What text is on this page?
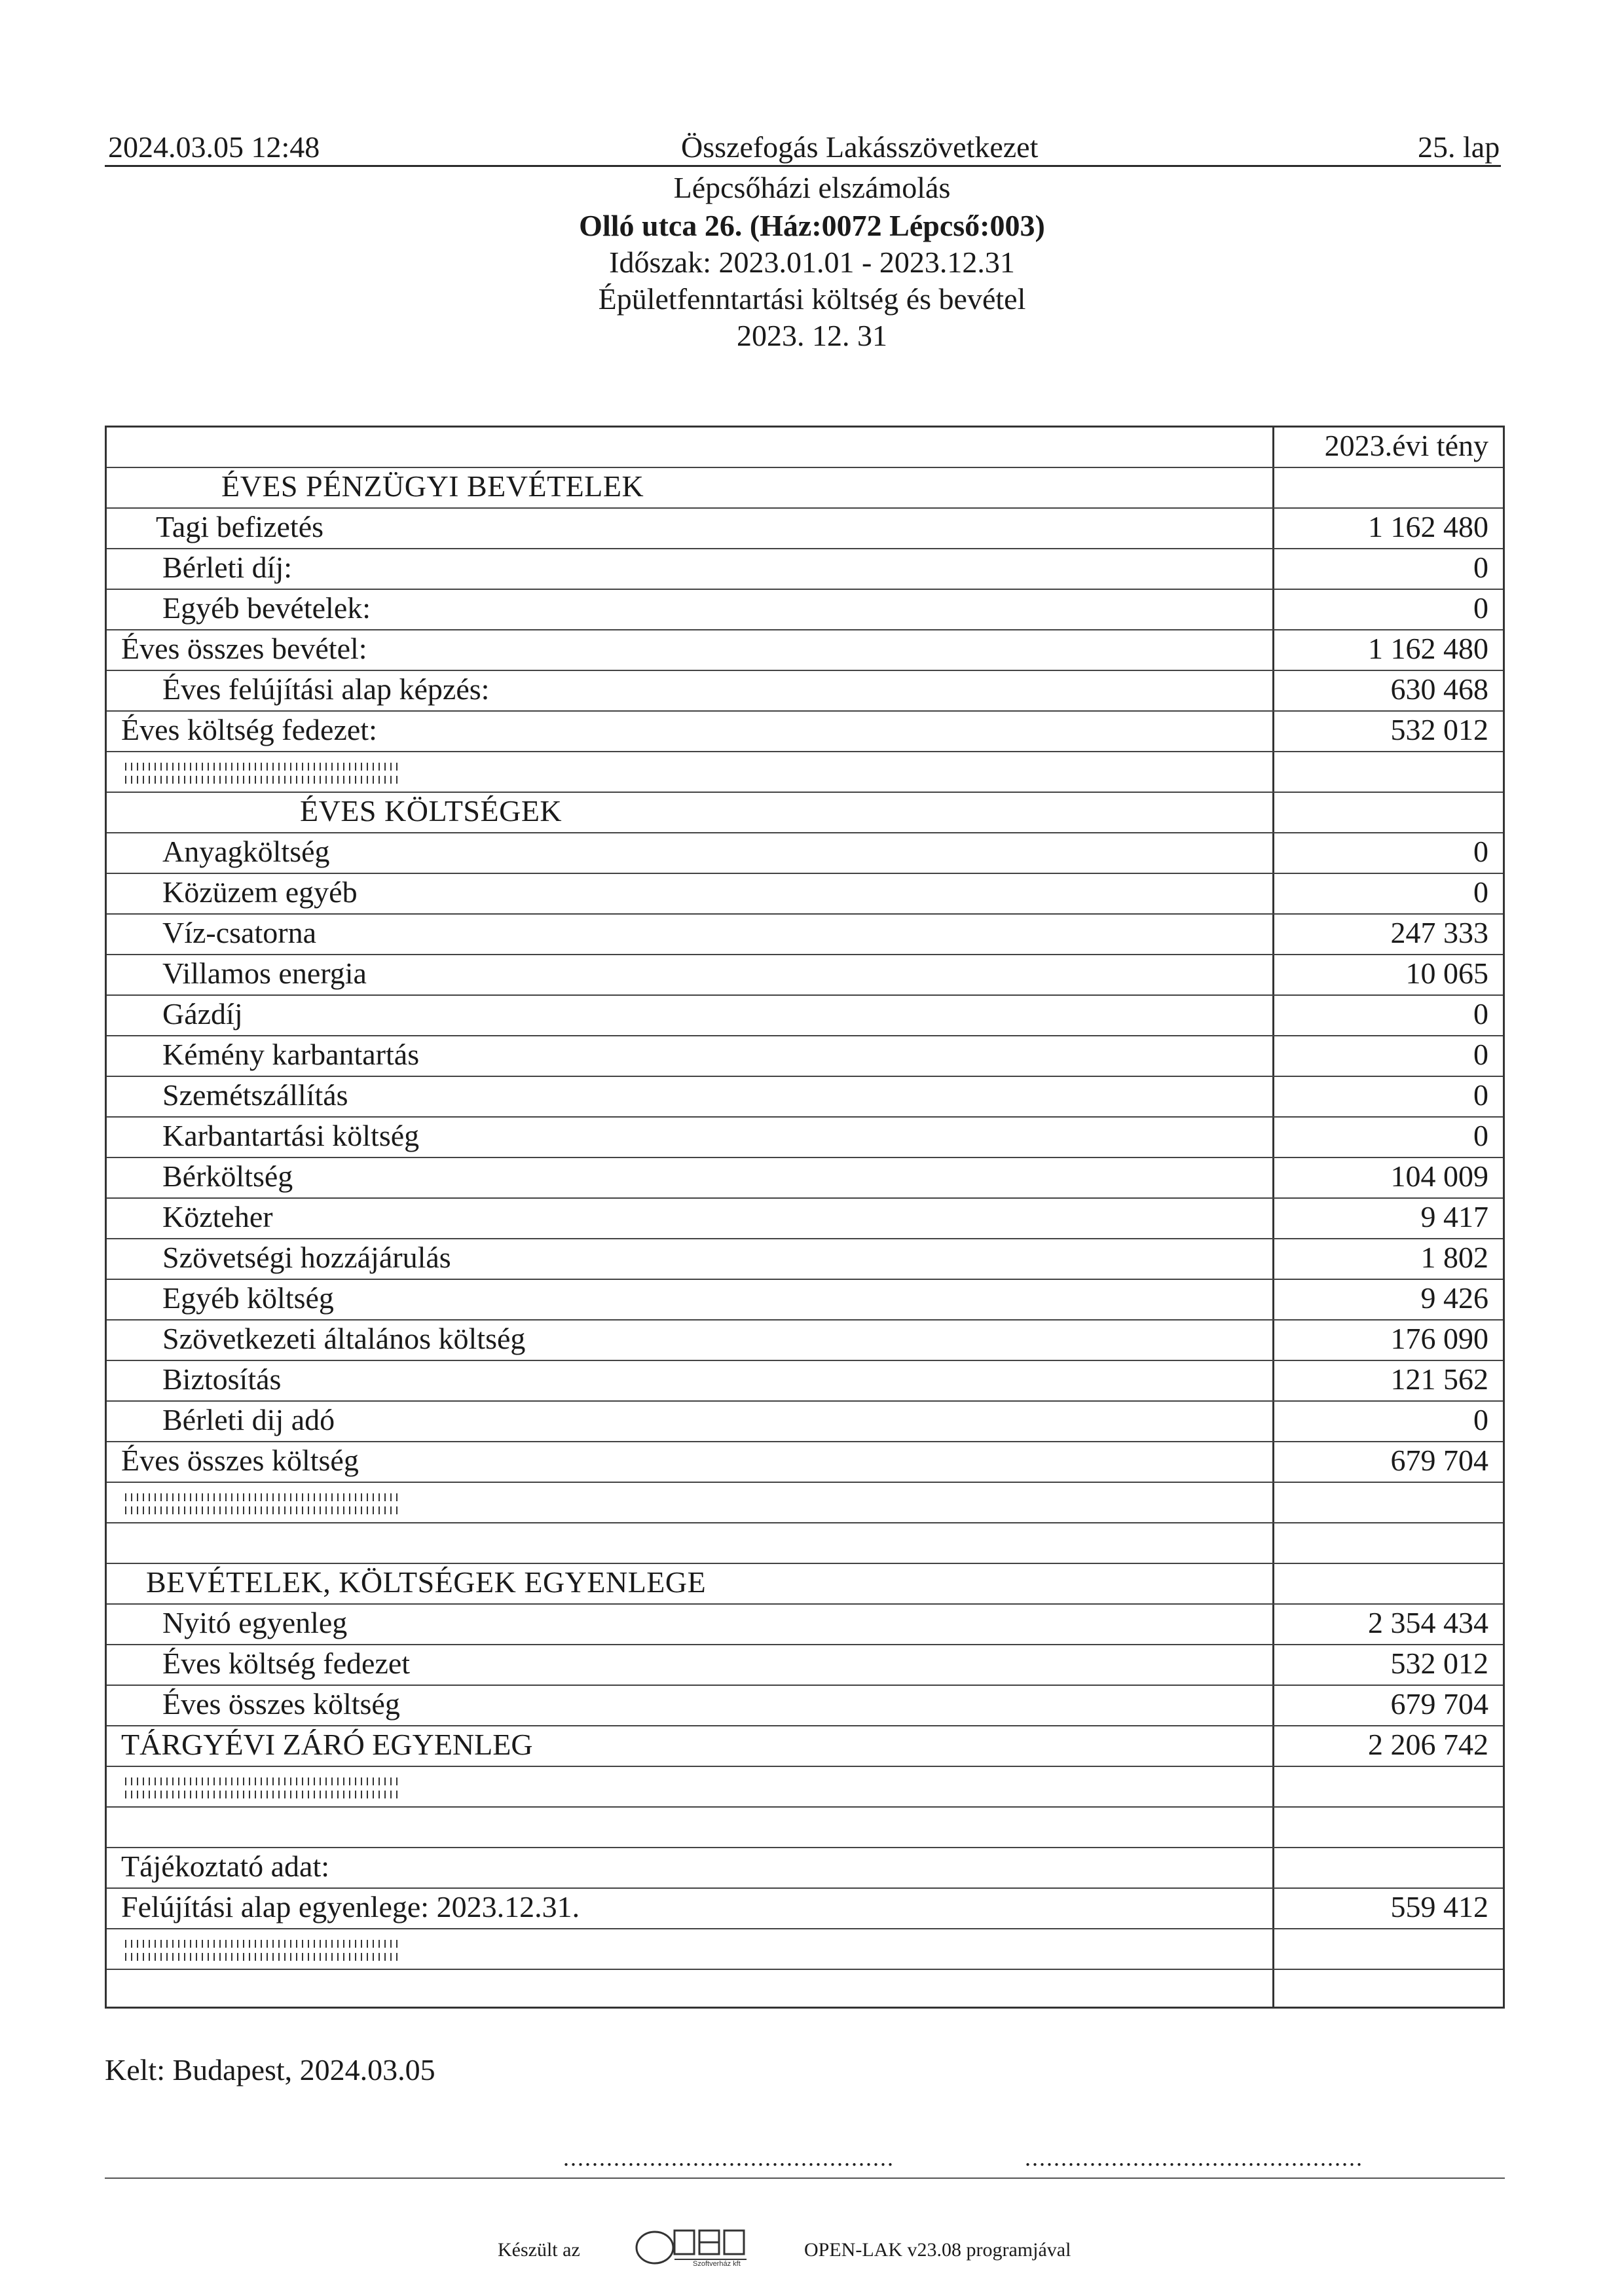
2024.03.05 12:48	Összefogás Lakásszövetkezet	25. lap
Lépcsőházi elszámolás
Olló utca 26. (Ház:0072 Lépcső:003)
Időszak: 2023.01.01 - 2023.12.31
Épületfenntartási költség és bevétel
2023. 12. 31
2023.évi tény
ÉVES PÉNZÜGYI BEVÉTELEK
Tagi befizetés	1 162 480
Bérleti díj:	0
Egyéb bevételek:	0
Éves összes bevétel:	1 162 480
Éves felújítási alap képzés:	630 468
Éves költség fedezet:	532 012
ÉVES KÖLTSÉGEK
Anyagköltség	0
Közüzem egyéb	0
Víz-csatorna	247 333
Villamos energia	10 065
Gázdíj	0
Kémény karbantartás	0
Szemétszállítás	0
Karbantartási költség	0
Bérköltség	104 009
Közteher	9 417
Szövetségi hozzájárulás	1 802
Egyéb költség	9 426
Szövetkezeti általános költség	176 090
Biztosítás	121 562
Bérleti dij adó	0
Éves összes költség	679 704
BEVÉTELEK, KÖLTSÉGEK EGYENLEGE
Nyitó egyenleg	2 354 434
Éves költség fedezet	532 012
Éves összes költség	679 704
TÁRGYÉVI ZÁRÓ EGYENLEG	2 206 742
Tájékoztató adat:
Felújítási alap egyenlege: 2023.12.31.	559 412
Kelt: Budapest, 2024.03.05
..............................................	...............................................
Készült az
Szoftverház kft
OPEN-LAK v23.08 programjával
